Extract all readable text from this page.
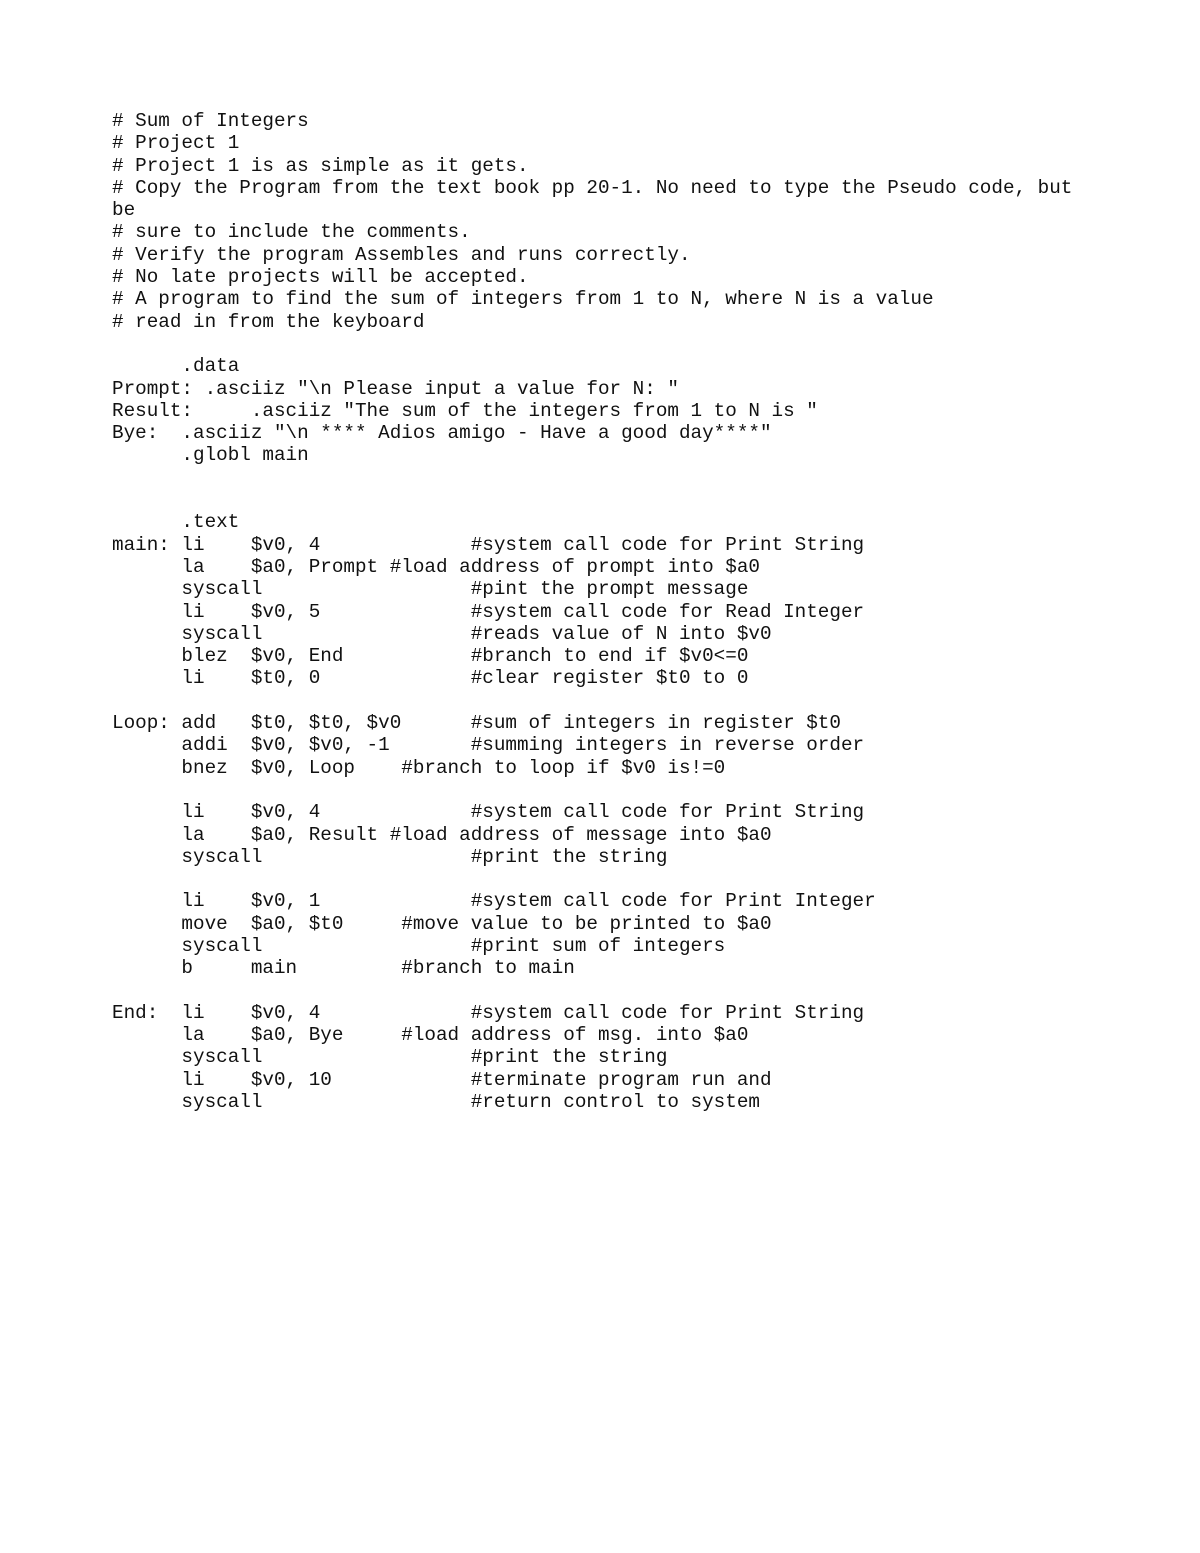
# Sum of Integers
# Project 1
# Project 1 is as simple as it gets.
# Copy the Program from the text book pp 20-1. No need to type the Pseudo code, but
be
# sure to include the comments.
# Verify the program Assembles and runs correctly.
# No late projects will be accepted.
# A program to find the sum of integers from 1 to N, where N is a value
# read in from the keyboard
.data
Prompt: .asciiz "\n Please input a value for N: "
Result:     .asciiz "The sum of the integers from 1 to N is "
Bye:  .asciiz "\n **** Adios amigo - Have a good day****"
.globl main
.text
main: li    $v0, 4             #system call code for Print String
la    $a0, Prompt #load address of prompt into $a0
syscall                  #pint the prompt message
li    $v0, 5             #system call code for Read Integer
syscall                  #reads value of N into $v0
blez  $v0, End           #branch to end if $v0<=0
li    $t0, 0             #clear register $t0 to 0
Loop: add   $t0, $t0, $v0      #sum of integers in register $t0
addi  $v0, $v0, -1       #summing integers in reverse order
bnez  $v0, Loop    #branch to loop if $v0 is!=0
li    $v0, 4             #system call code for Print String
la    $a0, Result #load address of message into $a0
syscall                  #print the string
li    $v0, 1             #system call code for Print Integer
move  $a0, $t0     #move value to be printed to $a0
syscall                  #print sum of integers
b     main         #branch to main
End:  li    $v0, 4             #system call code for Print String
la    $a0, Bye     #load address of msg. into $a0
syscall                  #print the string
li    $v0, 10            #terminate program run and
syscall                  #return control to system
